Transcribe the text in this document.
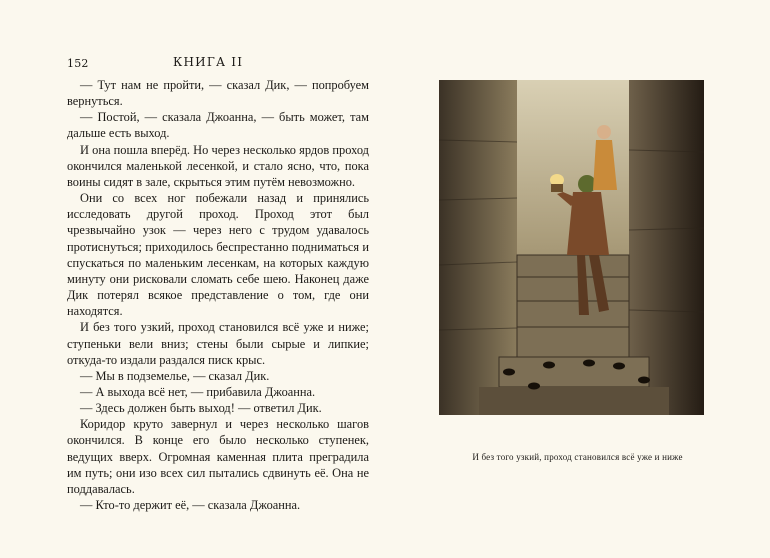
152	КНИГА II

— Тут нам не пройти, — сказал Дик, — попробуем вернуться.

— Постой, — сказала Джоанна, — быть может, там дальше есть выход.

И она пошла вперёд. Но через несколько ярдов проход окончился маленькой лесенкой, и стало ясно, что, пока воины сидят в зале, скрыться этим путём невозможно.

Они со всех ног побежали назад и принялись исследовать другой проход. Проход этот был чрезвычайно узок — через него с трудом удавалось протиснуться; приходилось беспрестанно подниматься и спускаться по маленьким лесенкам, на которых каждую минуту они рисковали сломать себе шею. Наконец даже Дик потерял всякое представление о том, где они находятся.

И без того узкий, проход становился всё уже и ниже; ступеньки вели вниз; стены были сырые и липкие; откуда-то издали раздался писк крыс.

— Мы в подземелье, — сказал Дик.

— А выхода всё нет, — прибавила Джоанна.

— Здесь должен быть выход! — ответил Дик.

Коридор круто завернул и через несколько шагов окончился. В конце его было несколько ступенек, ведущих вверх. Огромная каменная плита преградила им путь; они изо всех сил пытались сдвинуть её. Она не поддавалась.

— Кто-то держит её, — сказала Джоанна.

И без того узкий, проход становился всё уже и ниже
